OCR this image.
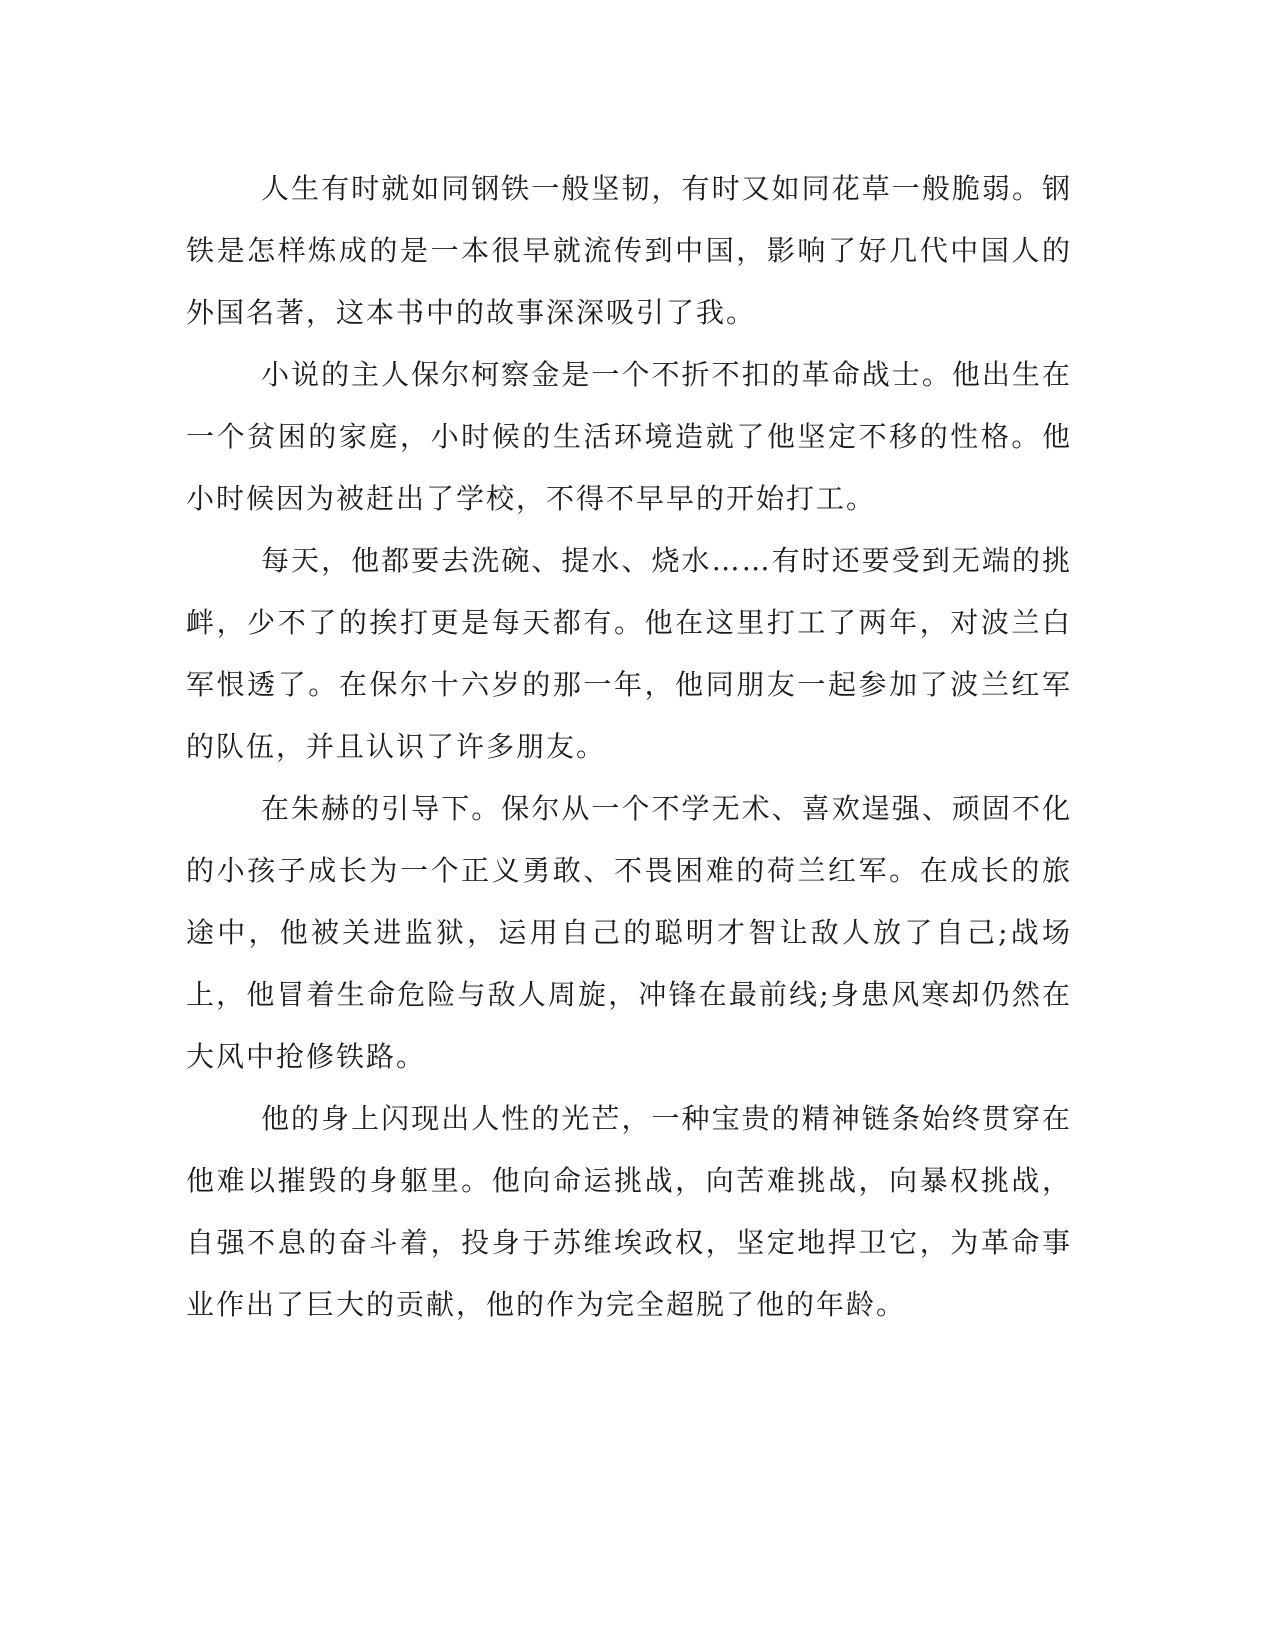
人生有时就如同钢铁一般坚韧，有时又如同花草一般脆弱。钢铁是怎样炼成的是一本很早就流传到中国，影响了好几代中国人的外国名著，这本书中的故事深深吸引了我。

小说的主人保尔柯察金是一个不折不扣的革命战士。他出生在一个贫困的家庭，小时候的生活环境造就了他坚定不移的性格。他小时候因为被赶出了学校，不得不早早的开始打工。

每天，他都要去洗碗、提水、烧水……有时还要受到无端的挑衅，少不了的挨打更是每天都有。他在这里打工了两年，对波兰白军恨透了。在保尔十六岁的那一年，他同朋友一起参加了波兰红军的队伍，并且认识了许多朋友。

在朱赫的引导下。保尔从一个不学无术、喜欢逞强、顽固不化的小孩子成长为一个正义勇敢、不畏困难的荷兰红军。在成长的旅途中，他被关进监狱，运用自己的聪明才智让敌人放了自己;战场上，他冒着生命危险与敌人周旋，冲锋在最前线;身患风寒却仍然在大风中抢修铁路。

他的身上闪现出人性的光芒，一种宝贵的精神链条始终贯穿在他难以摧毁的身躯里。他向命运挑战，向苦难挑战，向暴权挑战，自强不息的奋斗着，投身于苏维埃政权，坚定地捍卫它，为革命事业作出了巨大的贡献，他的作为完全超脱了他的年龄。
